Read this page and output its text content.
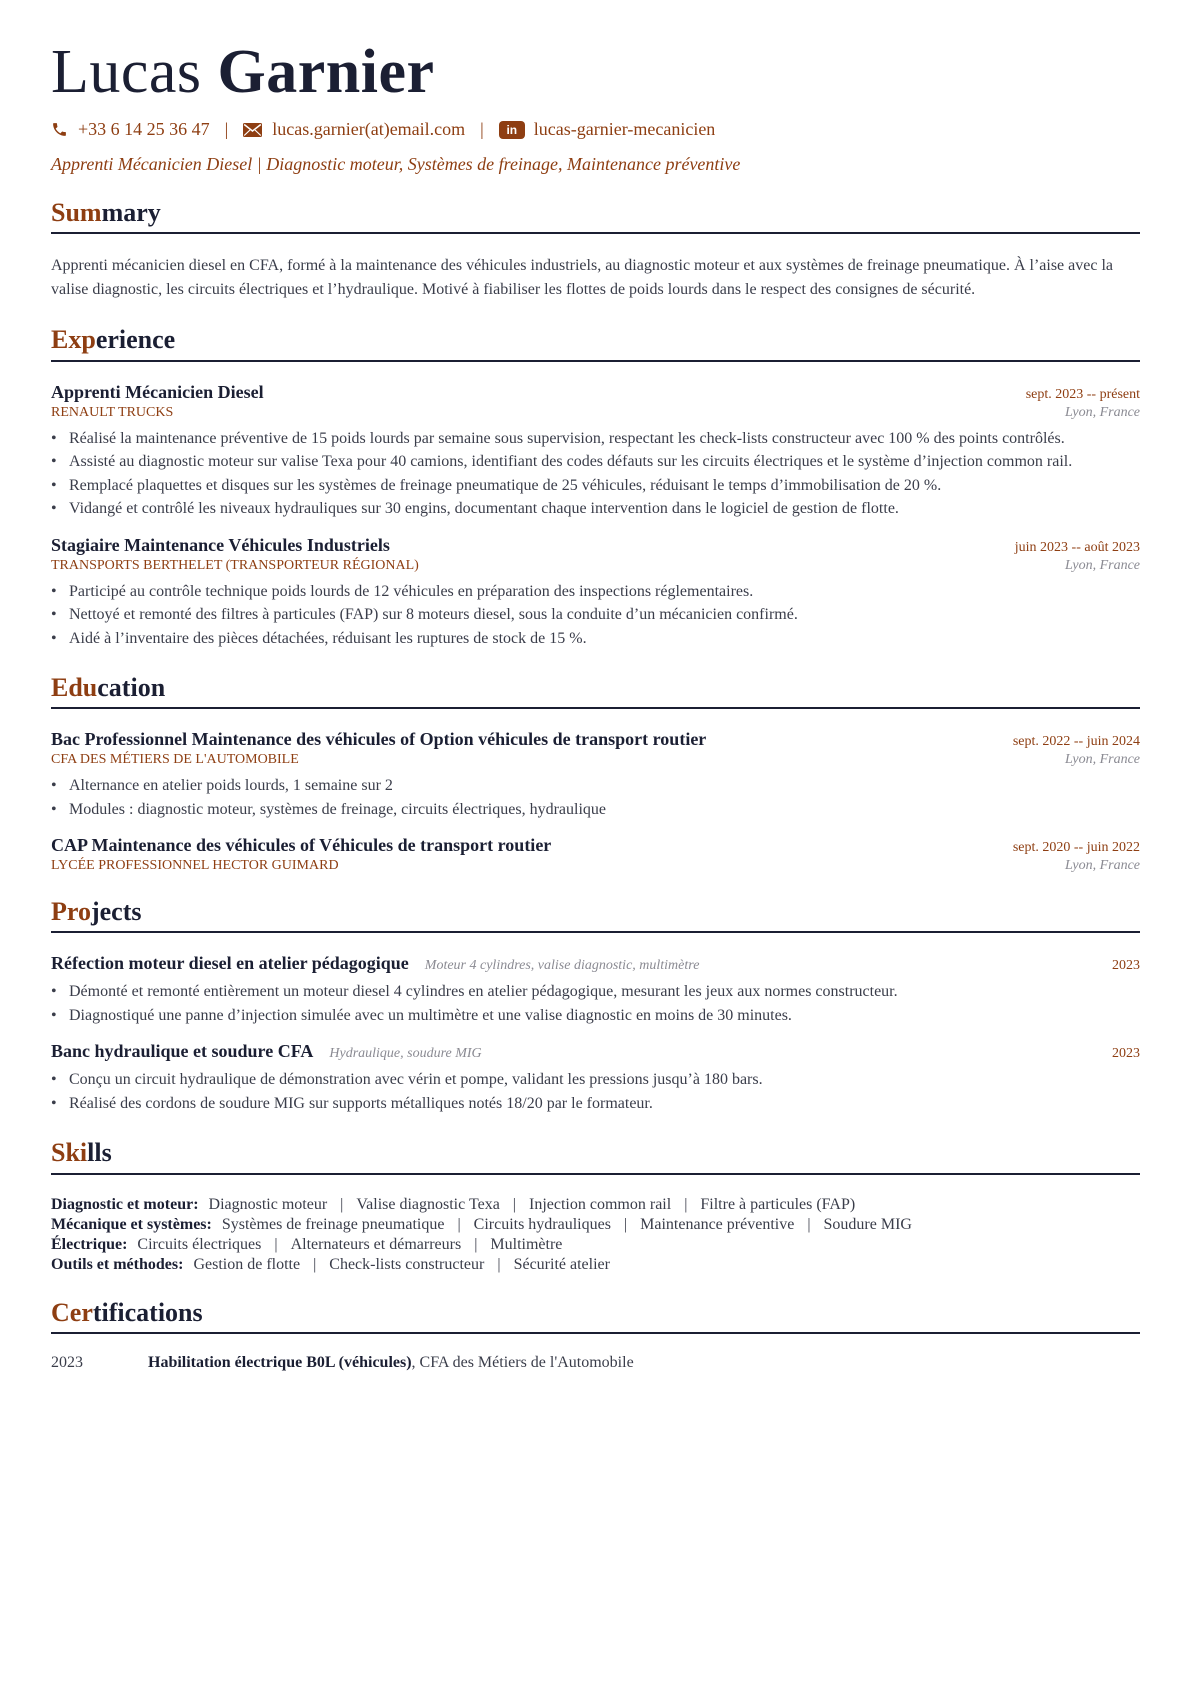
Lucas Garnier
+33 6 14 25 36 47 | lucas.garnier(at)email.com |	in lucas-garnier-mecanicien
Apprenti Mécanicien Diesel | Diagnostic moteur, Systèmes de freinage, Maintenance préventive
Summary
Apprenti mécanicien diesel en CFA, formé à la maintenance des véhicules industriels, au diagnostic moteur et aux systèmes de freinage pneumatique. À l’aise avec la valise diagnostic, les circuits électriques et l’hydraulique. Motivé à fiabiliser les flottes de poids lourds dans le respect des consignes de sécurité.
Experience
Apprenti Mécanicien Diesel	sept. 2023 -- présent
RENAULT TRUCKS	Lyon, France
• Réalisé la maintenance préventive de 15 poids lourds par semaine sous supervision, respectant les check-lists constructeur avec 100 % des points contrôlés.
• Assisté au diagnostic moteur sur valise Texa pour 40 camions, identifiant des codes défauts sur les circuits électriques et le système d’injection common rail.
• Remplacé plaquettes et disques sur les systèmes de freinage pneumatique de 25 véhicules, réduisant le temps d’immobilisation de 20 %.
• Vidangé et contrôlé les niveaux hydrauliques sur 30 engins, documentant chaque intervention dans le logiciel de gestion de flotte.
Stagiaire Maintenance Véhicules Industriels	juin 2023 -- août 2023
TRANSPORTS BERTHELET (TRANSPORTEUR RÉGIONAL)	Lyon, France
• Participé au contrôle technique poids lourds de 12 véhicules en préparation des inspections réglementaires.
• Nettoyé et remonté des filtres à particules (FAP) sur 8 moteurs diesel, sous la conduite d’un mécanicien confirmé.
• Aidé à l’inventaire des pièces détachées, réduisant les ruptures de stock de 15 %.
Education
Bac Professionnel Maintenance des véhicules of Option véhicules de transport routier	sept. 2022 -- juin 2024
CFA DES MÉTIERS DE L'AUTOMOBILE	Lyon, France
• Alternance en atelier poids lourds, 1 semaine sur 2
• Modules : diagnostic moteur, systèmes de freinage, circuits électriques, hydraulique
CAP Maintenance des véhicules of Véhicules de transport routier	sept. 2020 -- juin 2022
LYCÉE PROFESSIONNEL HECTOR GUIMARD	Lyon, France
Projects
Réfection moteur diesel en atelier pédagogique Moteur 4 cylindres, valise diagnostic, multimètre	2023
• Démonté et remonté entièrement un moteur diesel 4 cylindres en atelier pédagogique, mesurant les jeux aux normes constructeur.
• Diagnostiqué une panne d’injection simulée avec un multimètre et une valise diagnostic en moins de 30 minutes.
Banc hydraulique et soudure CFA Hydraulique, soudure MIG	2023
• Conçu un circuit hydraulique de démonstration avec vérin et pompe, validant les pressions jusqu’à 180 bars.
• Réalisé des cordons de soudure MIG sur supports métalliques notés 18/20 par le formateur.
Skills
Diagnostic et moteur: Diagnostic moteur | Valise diagnostic Texa | Injection common rail | Filtre à particules (FAP)
Mécanique et systèmes: Systèmes de freinage pneumatique | Circuits hydrauliques | Maintenance préventive | Soudure MIG
Électrique: Circuits électriques | Alternateurs et démarreurs | Multimètre
Outils et méthodes: Gestion de flotte | Check-lists constructeur | Sécurité atelier
Certifications
2023	Habilitation électrique B0L (véhicules), CFA des Métiers de l'Automobile
